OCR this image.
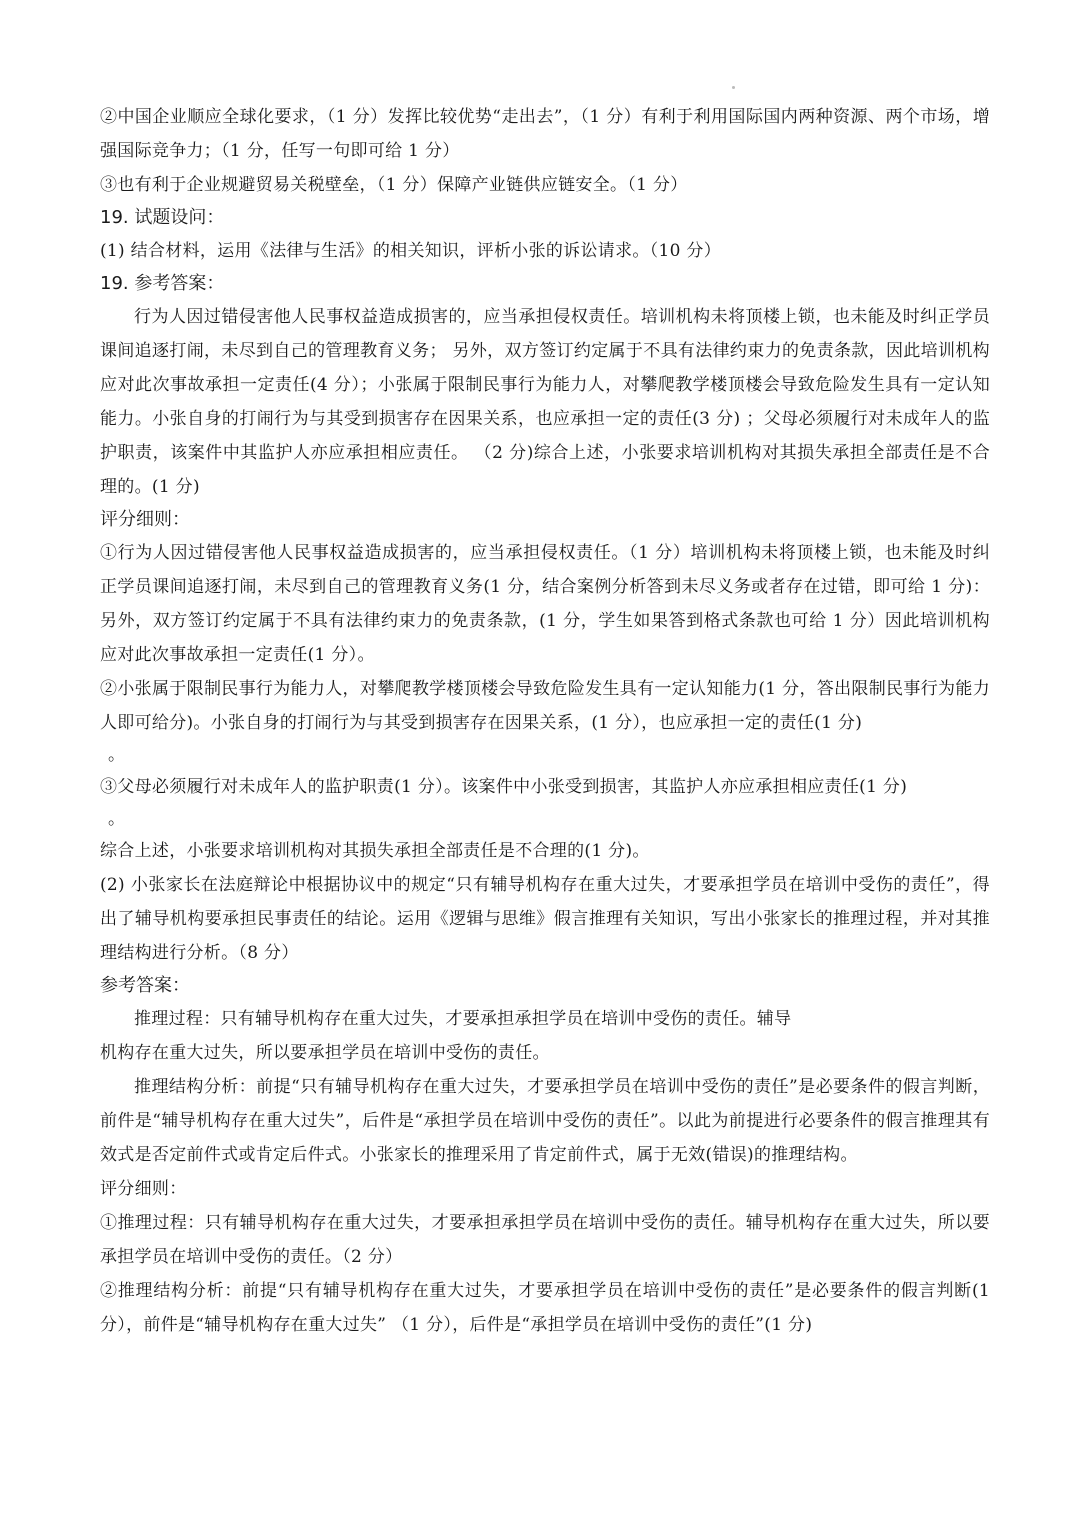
②中国企业顺应全球化要求，（1 分）发挥比较优势“走出去”，（1 分）有利于利用国际国内两种资源、两个市场，增强国际竞争力；（1 分，任写一句即可给 1 分）

③也有利于企业规避贸易关税壁垒，（1 分）保障产业链供应链安全。（1 分）

19. 试题设问：

(1) 结合材料，运用《法律与生活》的相关知识，评析小张的诉讼请求。（10 分）

19. 参考答案：

行为人因过错侵害他人民事权益造成损害的，应当承担侵权责任。培训机构未将顶楼上锁，也未能及时纠正学员课间追逐打闹，未尽到自己的管理教育义务； 另外，双方签订约定属于不具有法律约束力的免责条款，因此培训机构应对此次事故承担一定责任(4 分）；小张属于限制民事行为能力人，对攀爬教学楼顶楼会导致危险发生具有一定认知能力。小张自身的打闹行为与其受到损害存在因果关系，也应承担一定的责任(3 分) ；父母必须履行对未成年人的监护职责，该案件中其监护人亦应承担相应责任。 （2 分)综合上述，小张要求培训机构对其损失承担全部责任是不合理的。(1 分)

评分细则：

①行为人因过错侵害他人民事权益造成损害的，应当承担侵权责任。（1 分）培训机构未将顶楼上锁，也未能及时纠正学员课间追逐打闹，未尽到自己的管理教育义务(1 分，结合案例分析答到未尽义务或者存在过错，即可给 1 分)：另外，双方签订约定属于不具有法律约束力的免责条款，(1 分，学生如果答到格式条款也可给 1 分）因此培训机构应对此次事故承担一定责任(1 分）。

②小张属于限制民事行为能力人，对攀爬教学楼顶楼会导致危险发生具有一定认知能力(1 分，答出限制民事行为能力人即可给分)。小张自身的打闹行为与其受到损害存在因果关系，(1 分），也应承担一定的责任(1 分)

。

③父母必须履行对未成年人的监护职责(1 分）。该案件中小张受到损害，其监护人亦应承担相应责任(1 分)

。

综合上述，小张要求培训机构对其损失承担全部责任是不合理的(1 分)。

(2) 小张家长在法庭辩论中根据协议中的规定“只有辅导机构存在重大过失，才要承担学员在培训中受伤的责任”，得出了辅导机构要承担民事责任的结论。运用《逻辑与思维》假言推理有关知识，写出小张家长的推理过程，并对其推理结构进行分析。（8 分）

参考答案：

推理过程：只有辅导机构存在重大过失，才要承担承担学员在培训中受伤的责任。辅导

机构存在重大过失，所以要承担学员在培训中受伤的责任。

推理结构分析：前提“只有辅导机构存在重大过失，才要承担学员在培训中受伤的责任”是必要条件的假言判断，前件是“辅导机构存在重大过失”，后件是“承担学员在培训中受伤的责任”。以此为前提进行必要条件的假言推理其有效式是否定前件式或肯定后件式。小张家长的推理采用了肯定前件式，属于无效(错误)的推理结构。

评分细则：

①推理过程：只有辅导机构存在重大过失，才要承担承担学员在培训中受伤的责任。辅导机构存在重大过失，所以要承担学员在培训中受伤的责任。（2 分）

②推理结构分析：前提“只有辅导机构存在重大过失，才要承担学员在培训中受伤的责任”是必要条件的假言判断(1 分），前件是“辅导机构存在重大过失” （1 分），后件是“承担学员在培训中受伤的责任”(1 分)
